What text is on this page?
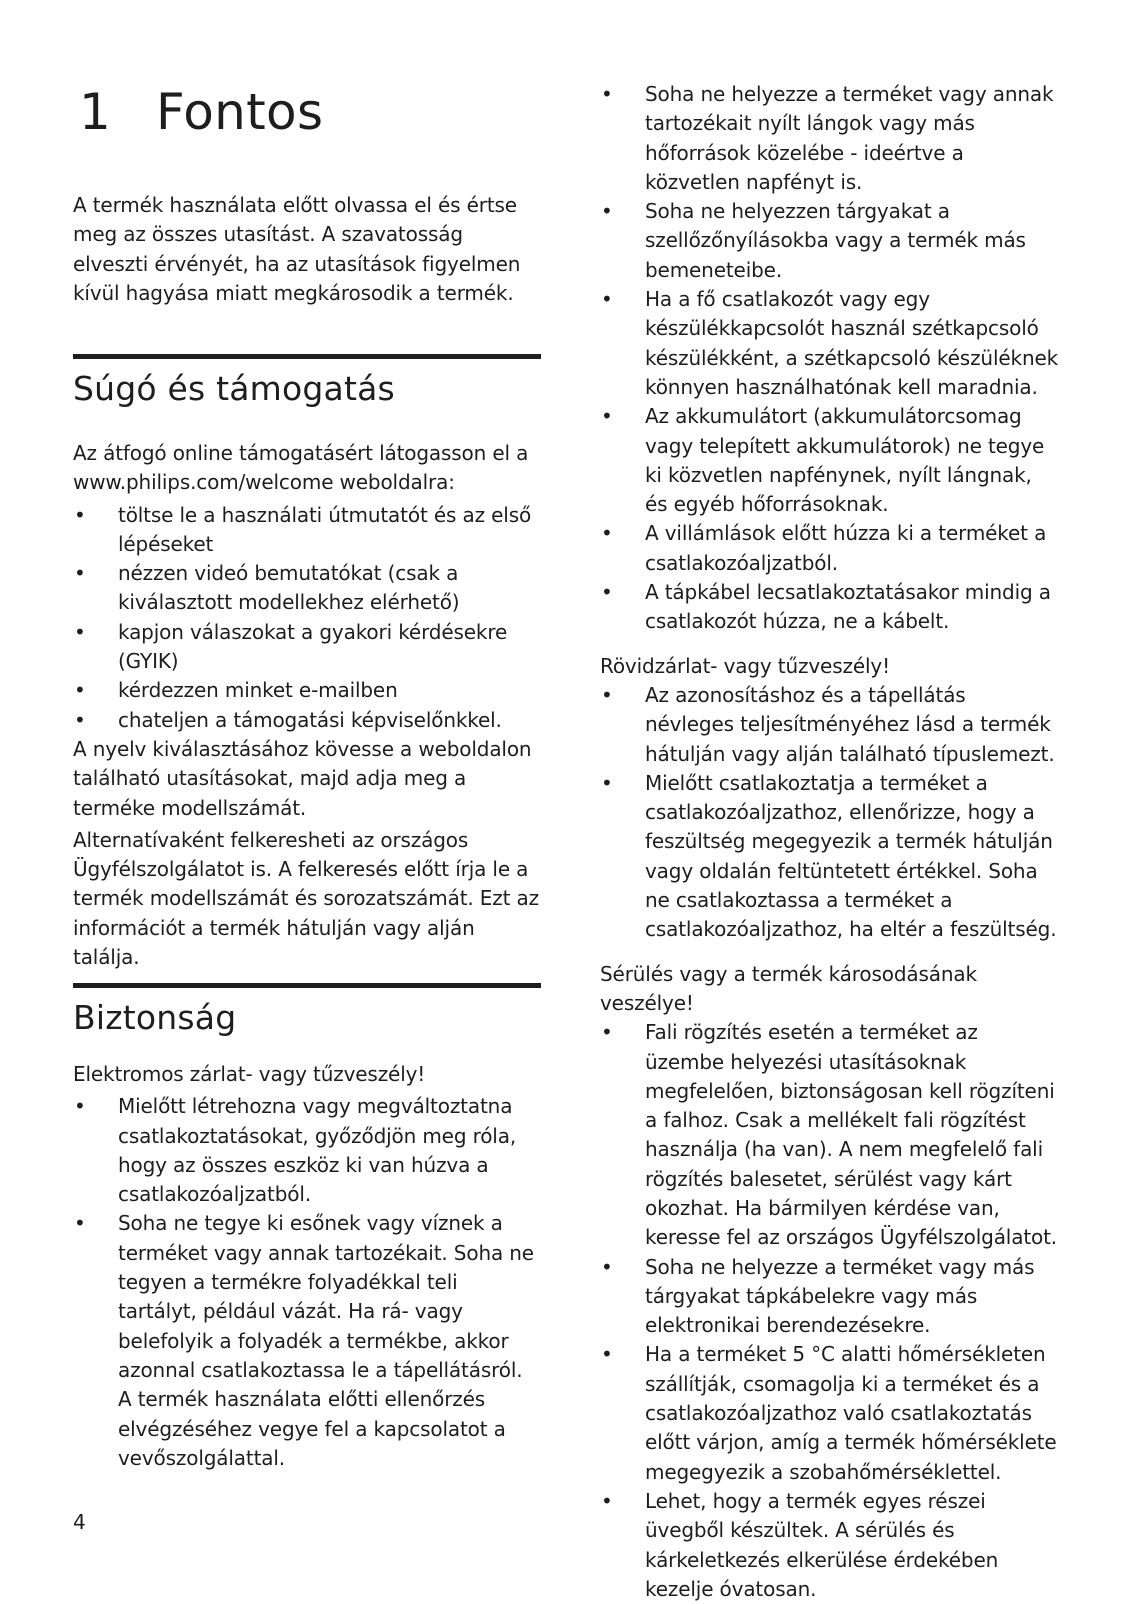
1 Fontos

A termék használata előtt olvassa el és értse meg az összes utasítást. A szavatosság elveszti érvényét, ha az utasítások figyelmen kívül hagyása miatt megkárosodik a termék.

Súgó és támogatás

Az átfogó online támogatásért látogasson el a www.philips.com/welcome weboldalra:

• töltse le a használati útmutatót és az első lépéseket
• nézzen videó bemutatókat (csak a kiválasztott modellekhez elérhető)
• kapjon válaszokat a gyakori kérdésekre (GYIK)
• kérdezzen minket e-mailben
• chateljen a támogatási képviselőnkkel.

A nyelv kiválasztásához kövesse a weboldalon található utasításokat, majd adja meg a terméke modellszámát.

Alternatívaként felkeresheti az országos Ügyfélszolgálatot is. A felkeresés előtt írja le a termék modellszámát és sorozatszámát. Ezt az információt a termék hátulján vagy alján találja.

Biztonság
Elektromos zárlat- vagy tűzveszély!
• Mielőtt létrehozna vagy megváltoztatna csatlakoztatásokat, győződjön meg róla, hogy az összes eszköz ki van húzva a csatlakozóaljzatból.
• Soha ne tegye ki esőnek vagy víznek a terméket vagy annak tartozékait. Soha ne tegyen a termékre folyadékkal teli tartályt, például vázát. Ha rá- vagy belefolyik a folyadék a termékbe, akkor azonnal csatlakoztassa le a tápellátásról. A termék használata előtti ellenőrzés elvégzéséhez vegye fel a kapcsolatot a vevőszolgálattal.
4
• Soha ne helyezze a terméket vagy annak tartozékait nyílt lángok vagy más hőforrások közelébe - ideértve a közvetlen napfényt is.
• Soha ne helyezzen tárgyakat a szellőzőnyílásokba vagy a termék más bemeneteibe.
• Ha a fő csatlakozót vagy egy készülékkapcsolót használ szétkapcsoló készülékként, a szétkapcsoló készüléknek könnyen használhatónak kell maradnia.
• Az akkumulátort (akkumulátorcsomag vagy telepített akkumulátorok) ne tegye ki közvetlen napfénynek, nyílt lángnak, és egyéb hőforrásoknak.
• A villámlások előtt húzza ki a terméket a csatlakozóaljzatból.
• A tápkábel lecsatlakoztatásakor mindig a csatlakozót húzza, ne a kábelt.
Rövidzárlat- vagy tűzveszély!
• Az azonosításhoz és a tápellátás névleges teljesítményéhez lásd a termék hátulján vagy alján található típuslemezt.
• Mielőtt csatlakoztatja a terméket a csatlakozóaljzathoz, ellenőrizze, hogy a feszültség megegyezik a termék hátulján vagy oldalán feltüntetett értékkel. Soha ne csatlakoztassa a terméket a csatlakozóaljzathoz, ha eltér a feszültség.
Sérülés vagy a termék károsodásának veszélye!
• Fali rögzítés esetén a terméket az üzembe helyezési utasításoknak megfelelően, biztonságosan kell rögzíteni a falhoz. Csak a mellékelt fali rögzítést használja (ha van). A nem megfelelő fali rögzítés balesetet, sérülést vagy kárt okozhat. Ha bármilyen kérdése van, keresse fel az országos Ügyfélszolgálatot.
• Soha ne helyezze a terméket vagy más tárgyakat tápkábelekre vagy más elektronikai berendezésekre.
• Ha a terméket 5 °C alatti hőmérsékleten szállítják, csomagolja ki a terméket és a csatlakozóaljzathoz való csatlakoztatás előtt várjon, amíg a termék hőmérséklete megegyezik a szobahőmérséklettel.
• Lehet, hogy a termék egyes részei üvegből készültek. A sérülés és kárkeletkezés elkerülése érdekében kezelje óvatosan.
